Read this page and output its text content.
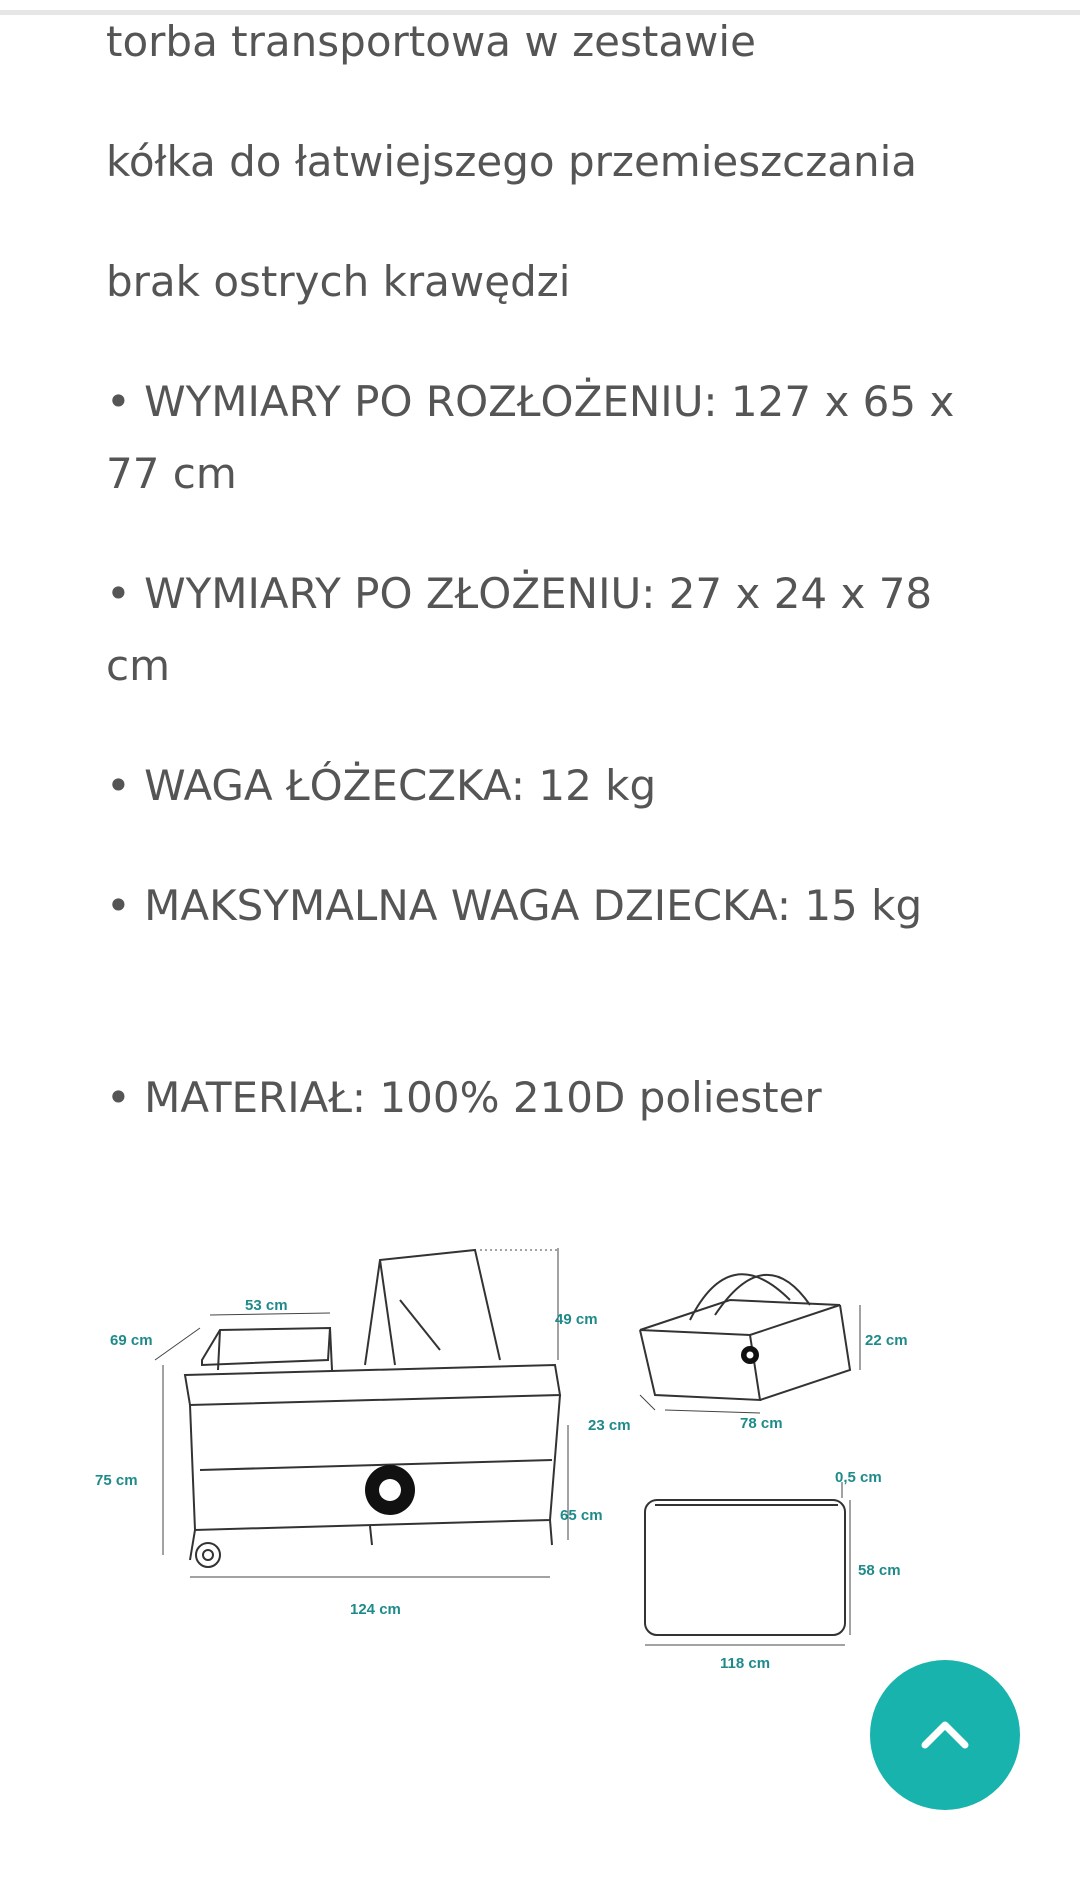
torba transportowa w zestawie

kółka do łatwiejszego przemieszczania

brak ostrych krawędzi

• WYMIARY PO ROZŁOŻENIU: 127 x 65 x 77 cm

• WYMIARY PO ZŁOŻENIU: 27 x 24 x 78 cm

• WAGA ŁÓŻECZKA: 12 kg

• MAKSYMALNA WAGA DZIECKA: 15 kg

• MATERIAŁ: 100% 210D poliester

53 cm
69 cm
49 cm
75 cm
65 cm
124 cm
22 cm
23 cm	78 cm
0,5 cm
58 cm
118 cm
